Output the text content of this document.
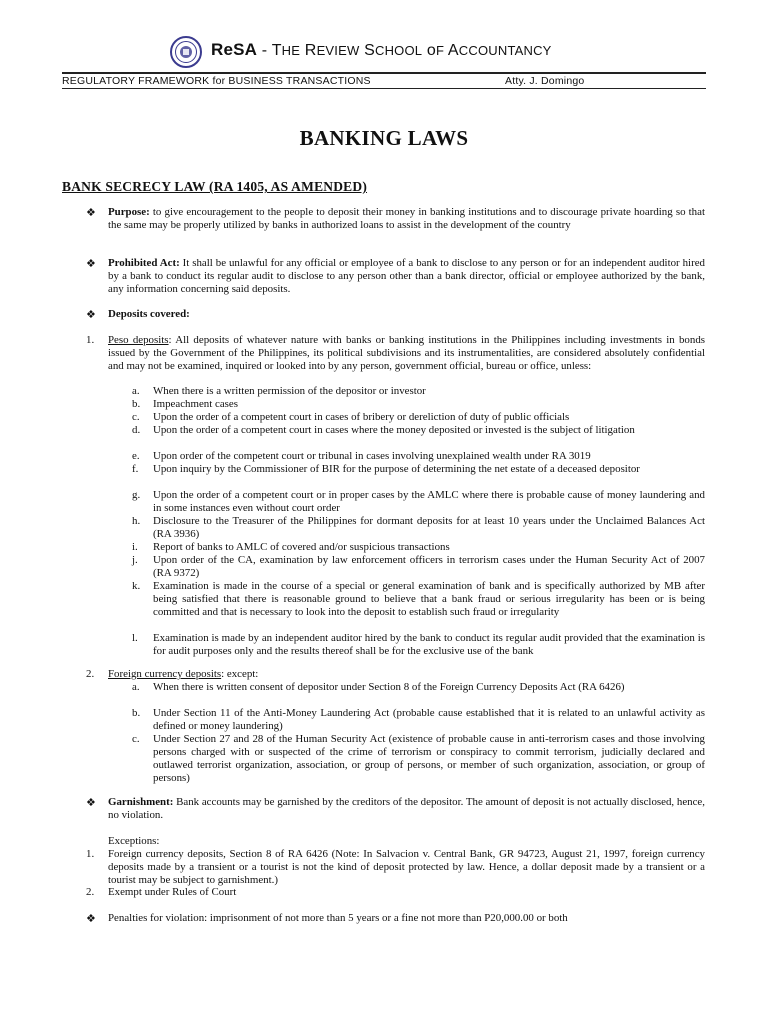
ReSA - THE REVIEW SCHOOL oF ACCOUNTANCY
REGULATORY FRAMEWORK for BUSINESS TRANSACTIONS	Atty. J. Domingo
BANKING LAWS
BANK SECRECY LAW (RA 1405, AS AMENDED)
❖ Purpose: to give encouragement to the people to deposit their money in banking institutions and to discourage private hoarding so that the same may be properly utilized by banks in authorized loans to assist in the development of the country
❖ Prohibited Act: It shall be unlawful for any official or employee of a bank to disclose to any person or for an independent auditor hired by a bank to conduct its regular audit to disclose to any person other than a bank director, official or employee authorized by the bank, any information concerning said deposits.
❖ Deposits covered:
1. Peso deposits: All deposits of whatever nature with banks or banking institutions in the Philippines including investments in bonds issued by the Government of the Philippines, its political subdivisions and its instrumentalities, are considered absolutely confidential and may not be examined, inquired or looked into by any person, government official, bureau or office, unless:
a. When there is a written permission of the depositor or investor
b. Impeachment cases
c. Upon the order of a competent court in cases of bribery or dereliction of duty of public officials
d. Upon the order of a competent court in cases where the money deposited or invested is the subject of litigation
e. Upon order of the competent court or tribunal in cases involving unexplained wealth under RA 3019
f. Upon inquiry by the Commissioner of BIR for the purpose of determining the net estate of a deceased depositor
g. Upon the order of a competent court or in proper cases by the AMLC where there is probable cause of money laundering and in some instances even without court order
h. Disclosure to the Treasurer of the Philippines for dormant deposits for at least 10 years under the Unclaimed Balances Act (RA 3936)
i. Report of banks to AMLC of covered and/or suspicious transactions
j. Upon order of the CA, examination by law enforcement officers in terrorism cases under the Human Security Act of 2007 (RA 9372)
k. Examination is made in the course of a special or general examination of bank and is specifically authorized by MB after being satisfied that there is reasonable ground to believe that a bank fraud or serious irregularity has been or is being committed and that is necessary to look into the deposit to establish such fraud or irregularity
l. Examination is made by an independent auditor hired by the bank to conduct its regular audit provided that the examination is for audit purposes only and the results thereof shall be for the exclusive use of the bank
2. Foreign currency deposits: except:
a. When there is written consent of depositor under Section 8 of the Foreign Currency Deposits Act (RA 6426)
b. Under Section 11 of the Anti-Money Laundering Act (probable cause established that it is related to an unlawful activity as defined or money laundering)
c. Under Section 27 and 28 of the Human Security Act (existence of probable cause in anti-terrorism cases and those involving persons charged with or suspected of the crime of terrorism or conspiracy to commit terrorism, judicially declared and outlawed terrorist organization, association, or group of persons, or member of such organization, association, or group of persons)
❖ Garnishment: Bank accounts may be garnished by the creditors of the depositor. The amount of deposit is not actually disclosed, hence, no violation.
Exceptions:
1. Foreign currency deposits, Section 8 of RA 6426 (Note: In Salvacion v. Central Bank, GR 94723, August 21, 1997, foreign currency deposits made by a transient or a tourist is not the kind of deposit protected by law. Hence, a dollar deposit made by a transient or a tourist may be subject to garnishment.)
2. Exempt under Rules of Court
❖ Penalties for violation: imprisonment of not more than 5 years or a fine not more than P20,000.00 or both
